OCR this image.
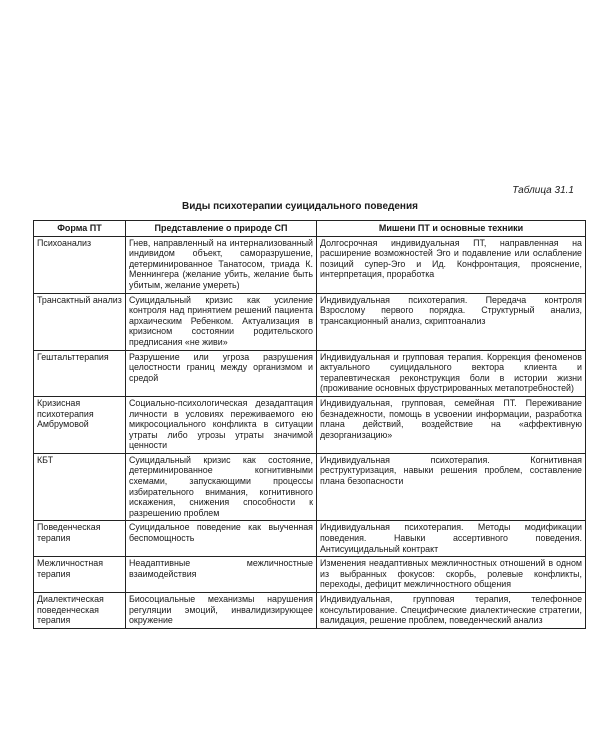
Таблица 31.1
Виды психотерапии суицидального поведения
Форма ПТ	Представление о природе СП	Мишени ПТ и основные техники
Психоанализ	Гнев, направленный на интернализованный индивидом объект, саморазрушение, детерминированное Танатосом, триада К. Меннингера (желание убить, желание быть убитым, желание умереть)	Долгосрочная индивидуальная ПТ, направленная на расширение возможностей Эго и подавление или ослабление позиций супер-Эго и Ид. Конфронтация, прояснение, интерпретация, проработка
Трансактный анализ	Суицидальный кризис как усиление контроля над принятием решений пациента архаическим Ребенком. Актуализация в кризисном состоянии родительского предписания «не живи»	Индивидуальная психотерапия. Передача контроля Взрослому первого порядка. Структурный анализ, трансакционный анализ, скриптоанализ
Гештальттерапия	Разрушение или угроза разрушения целостности границ между организмом и средой	Индивидуальная и групповая терапия. Коррекция феноменов актуального суицидального вектора клиента и терапевтическая реконструкция боли в истории жизни (проживание основных фрустрированных метапотребностей)
Кризисная психотерапия Амбрумовой	Социально-психологическая дезадаптация личности в условиях переживаемого ею микросоциального конфликта в ситуации утраты либо угрозы утраты значимой ценности	Индивидуальная, групповая, семейная ПТ. Переживание безнадежности, помощь в усвоении информации, разработка плана действий, воздействие на «аффективную дезорганизацию»
КБТ	Суицидальный кризис как состояние, детерминированное когнитивными схемами, запускающими процессы избирательного внимания, когнитивного искажения, снижения способности к разрешению проблем	Индивидуальная психотерапия. Когнитивная реструктуризация, навыки решения проблем, составление плана безопасности
Поведенческая терапия	Суицидальное поведение как выученная беспомощность	Индивидуальная психотерапия. Методы модификации поведения. Навыки ассертивного поведения. Антисуицидальный контракт
Межличностная терапия	Неадаптивные межличностные взаимодействия	Изменения неадаптивных межличностных отношений в одном из выбранных фокусов: скорбь, ролевые конфликты, переходы, дефицит межличностного общения
Диалектическая поведенческая терапия	Биосоциальные механизмы нарушения регуляции эмоций, инвалидизирующее окружение	Индивидуальная, групповая терапия, телефонное консультирование. Специфические диалектические стратегии, валидация, решение проблем, поведенческий анализ
